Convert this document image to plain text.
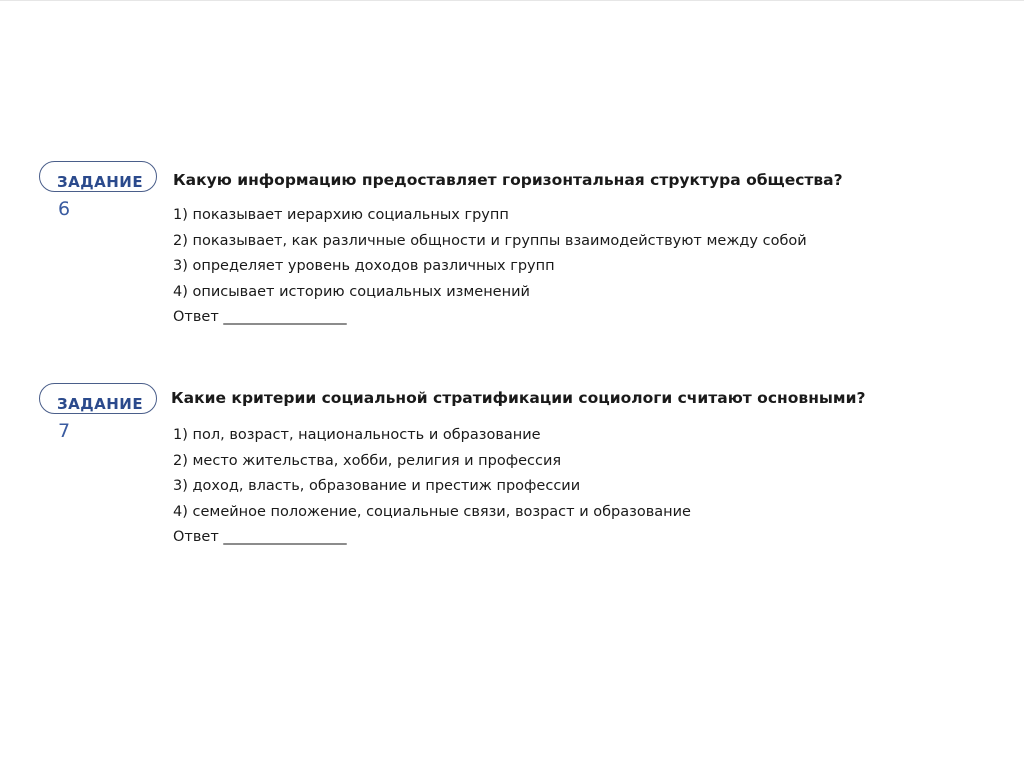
ЗАДАНИЕ
6
Какую информацию предоставляет горизонтальная структура общества?
1) показывает иерархию социальных групп
2) показывает, как различные общности и группы взаимодействуют между собой
3) определяет уровень доходов различных групп
4) описывает историю социальных изменений
Ответ _________________
ЗАДАНИЕ
7
Какие критерии социальной стратификации социологи считают основными?
1) пол, возраст, национальность и образование
2) место жительства, хобби, религия и профессия
3) доход, власть, образование и престиж профессии
4) семейное положение, социальные связи, возраст и образование
Ответ _________________
